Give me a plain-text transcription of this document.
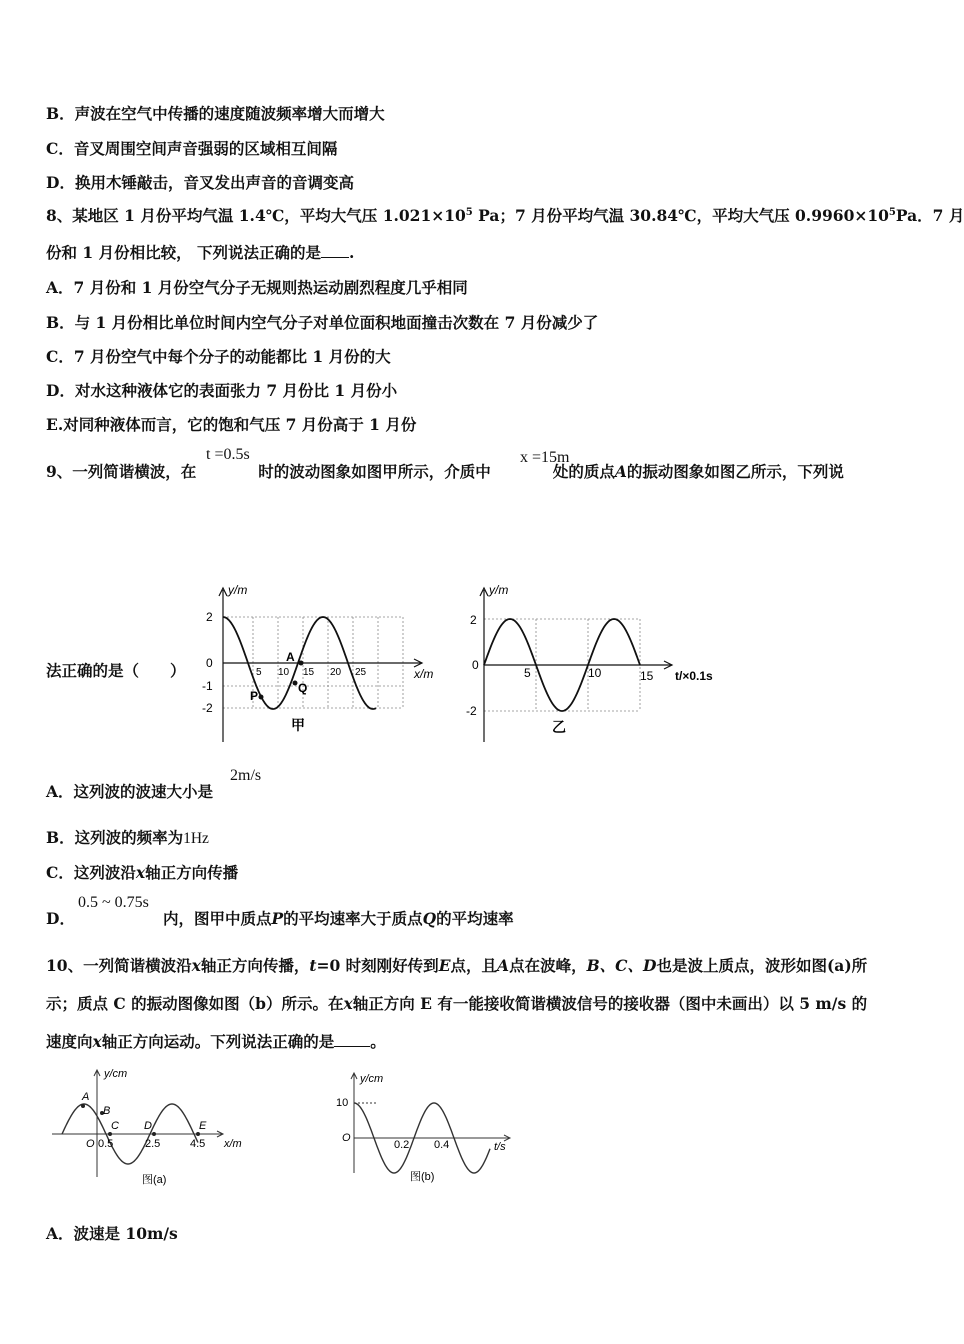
B．声波在空气中传播的速度随波频率增大而增大
C．音叉周围空间声音强弱的区域相互间隔
D．换用木锤敲击，音叉发出声音的音调变高
8、某地区 1 月份平均气温 1.4℃，平均大气压 $1.021\times 10^5$ Pa；7 月份平均气温 30.84℃，平均大气压 $0.9960\times 10^5Pa$．7 月
份和 1 月份相比较， 下列说法正确的是 .
A．7 月份和 1 月份空气分子无规则热运动剧烈程度几乎相同
B．与 1 月份相比单位时间内空气分子对单位面积地面撞击次数在 7 月份减少了
C．7 月份空气中每个分子的动能都比 1 月份的大
D．对水这种液体它的表面张力 7 月份比 1 月份小
E.对同种液体而言，它的饱和气压 7 月份高于 1 月份
9、一列简谐横波，在	时的波动图象如图甲所示，介质中	处的质点A的振动图象如图乙所示，下列说
t =0.5s	x =15m
法正确的是（　　）
y/m
x/m
2
0
-1
-2
5 10 15 20 25
A
P
Q
甲
y/m
t/×0.1s
2
0
-2
5	10	15
乙
A．这列波的波速大小是
2m/s
B．这列波的频率为1Hz
C．这列波沿x轴正方向传播
D．	内，图甲中质点P的平均速率大于质点Q的平均速率
0.5 ~ 0.75s
10、一列简谐横波沿x轴正方向传播，t=0 时刻刚好传到E点，且A点在波峰，B、C、D也是波上质点，波形如图(a)所
示；质点 C 的振动图像如图（b）所示。在x轴正方向 E 有一能接收简谐横波信号的接收器（图中未画出）以 5 m/s 的
速度向x轴正方向运动。下列说法正确的是 。
y/cm
x/m
O 0.5	2.5	4.5
A
B
C D	E
图(a)
y/cm
t/s
O
10
0.2 0.4
图(b)
A．波速是 10m/s
